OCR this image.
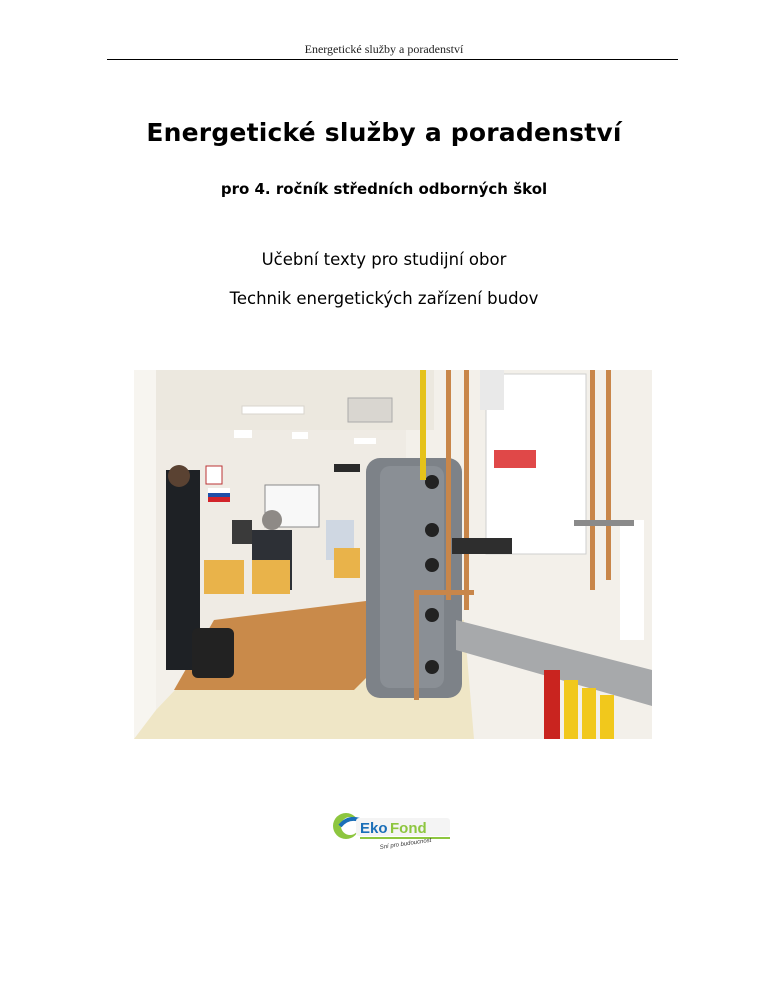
Energetické služby a poradenství
Energetické služby a poradenství
pro 4. ročník středních odborných škol
Učební texty pro studijní obor
Technik energetických zařízení budov
Eko Fond
Sní pro budoucnost
